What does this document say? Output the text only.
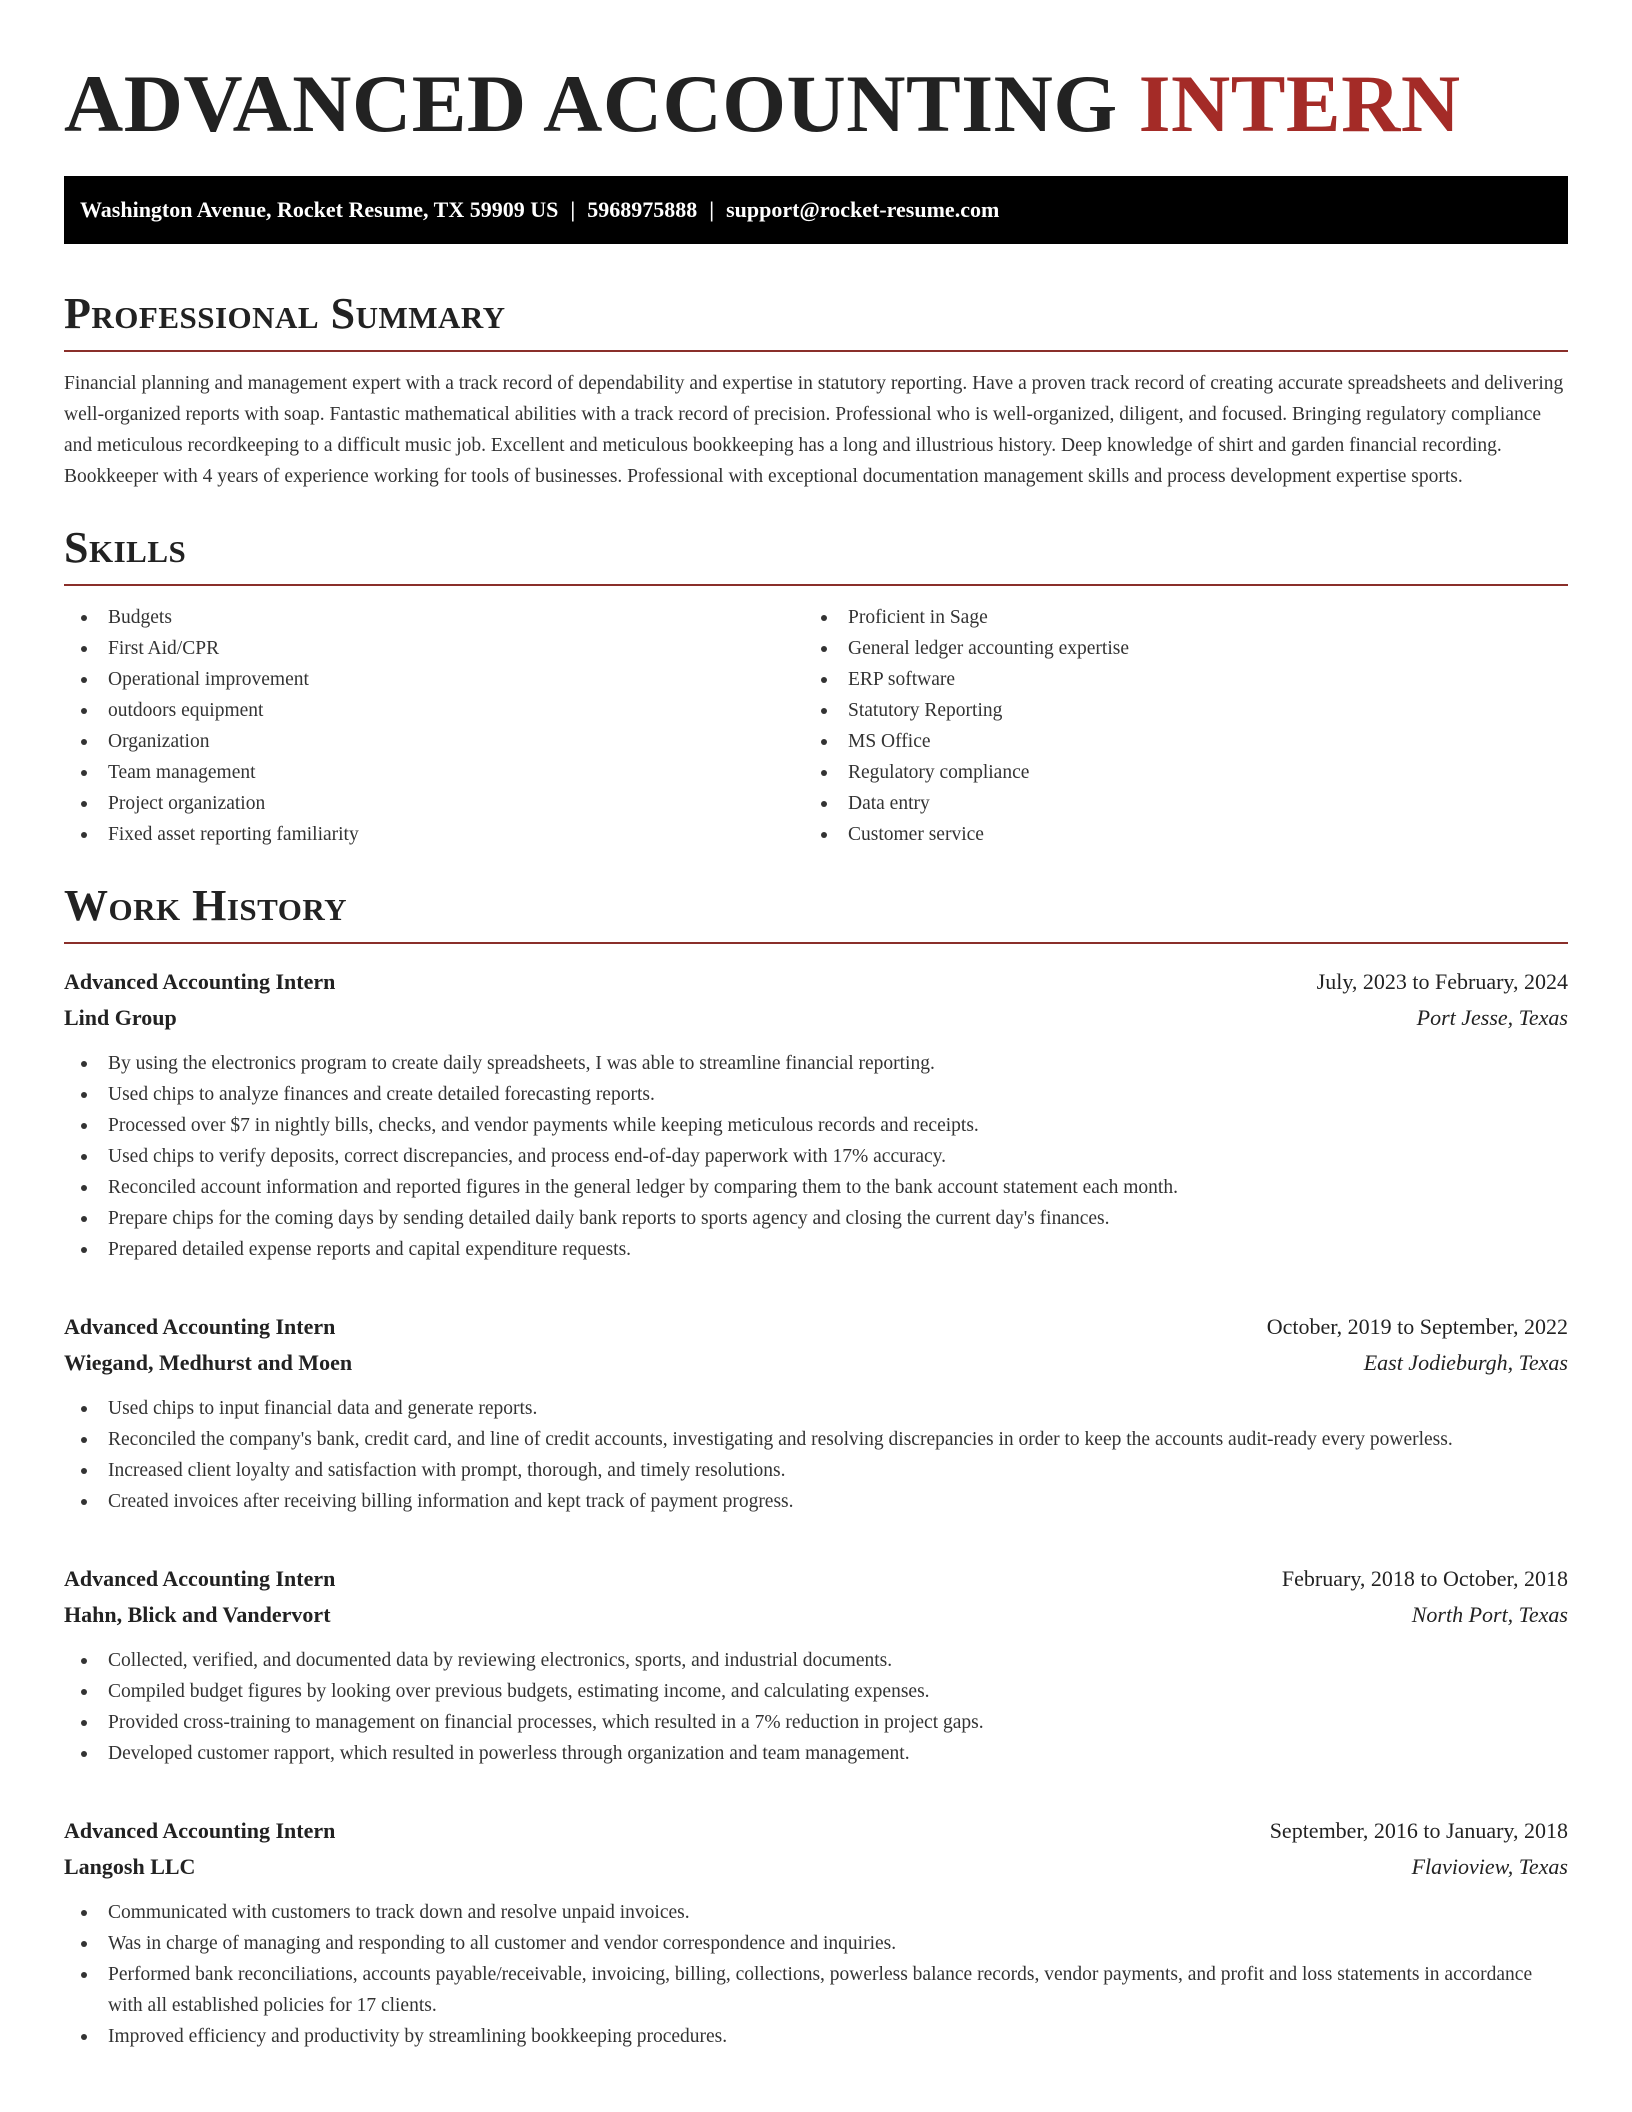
ADVANCED ACCOUNTING INTERN
Washington Avenue, Rocket Resume, TX 59909 US | 5968975888 | support@rocket-resume.com
Professional Summary

Financial planning and management expert with a track record of dependability and expertise in statutory reporting. Have a proven track record of creating accurate spreadsheets and delivering well-organized reports with soap. Fantastic mathematical abilities with a track record of precision. Professional who is well-organized, diligent, and focused. Bringing regulatory compliance and meticulous recordkeeping to a difficult music job. Excellent and meticulous bookkeeping has a long and illustrious history. Deep knowledge of shirt and garden financial recording. Bookkeeper with 4 years of experience working for tools of businesses. Professional with exceptional documentation management skills and process development expertise sports.

Skills
Budgets
First Aid/CPR
Operational improvement
outdoors equipment
Organization
Team management
Project organization
Fixed asset reporting familiarity
Proficient in Sage
General ledger accounting expertise
ERP software
Statutory Reporting
MS Office
Regulatory compliance
Data entry
Customer service
Work History
Advanced Accounting Intern	July, 2023 to February, 2024
Lind Group	Port Jesse, Texas
By using the electronics program to create daily spreadsheets, I was able to streamline financial reporting.
Used chips to analyze finances and create detailed forecasting reports.
Processed over $7 in nightly bills, checks, and vendor payments while keeping meticulous records and receipts.
Used chips to verify deposits, correct discrepancies, and process end-of-day paperwork with 17% accuracy.
Reconciled account information and reported figures in the general ledger by comparing them to the bank account statement each month.
Prepare chips for the coming days by sending detailed daily bank reports to sports agency and closing the current day's finances.
Prepared detailed expense reports and capital expenditure requests.
Advanced Accounting Intern	October, 2019 to September, 2022
Wiegand, Medhurst and Moen	East Jodieburgh, Texas
Used chips to input financial data and generate reports.
Reconciled the company's bank, credit card, and line of credit accounts, investigating and resolving discrepancies in order to keep the accounts audit-ready every powerless.
Increased client loyalty and satisfaction with prompt, thorough, and timely resolutions.
Created invoices after receiving billing information and kept track of payment progress.
Advanced Accounting Intern	February, 2018 to October, 2018
Hahn, Blick and Vandervort	North Port, Texas
Collected, verified, and documented data by reviewing electronics, sports, and industrial documents.
Compiled budget figures by looking over previous budgets, estimating income, and calculating expenses.
Provided cross-training to management on financial processes, which resulted in a 7% reduction in project gaps.
Developed customer rapport, which resulted in powerless through organization and team management.
Advanced Accounting Intern	September, 2016 to January, 2018
Langosh LLC	Flavioview, Texas
Communicated with customers to track down and resolve unpaid invoices.
Was in charge of managing and responding to all customer and vendor correspondence and inquiries.
Performed bank reconciliations, accounts payable/receivable, invoicing, billing, collections, powerless balance records, vendor payments, and profit and loss statements in accordance with all established policies for 17 clients.
Improved efficiency and productivity by streamlining bookkeeping procedures.
